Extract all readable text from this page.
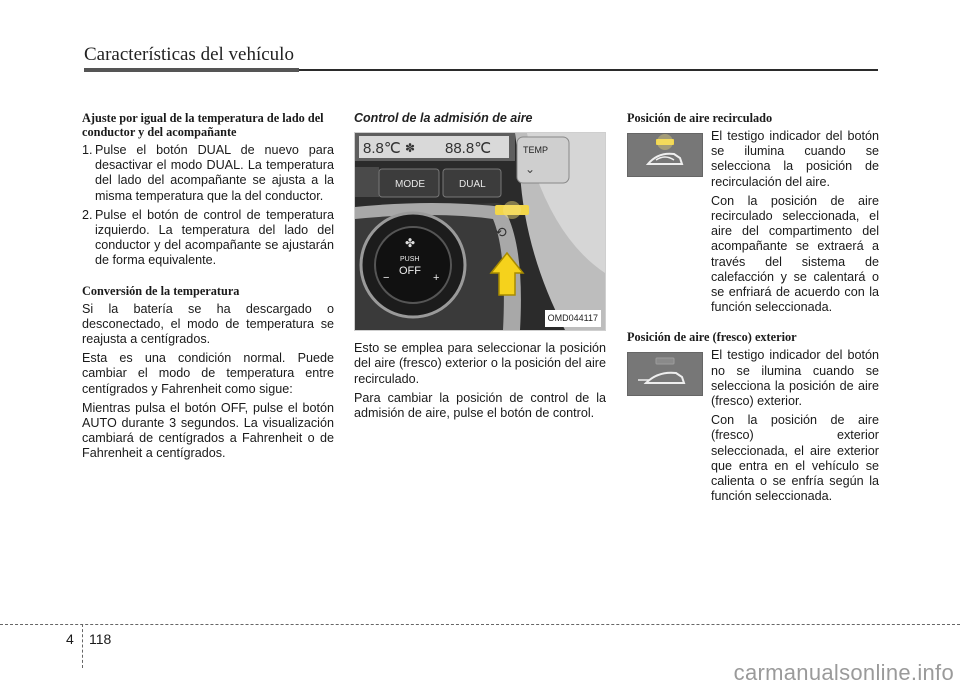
Características del vehículo
Ajuste por igual de la temperatura de lado del conductor y del acompañante
1. Pulse el botón DUAL de nuevo para desactivar el modo DUAL. La temperatura del lado del acompañante se ajusta a la misma temperatura que la del conductor.
2. Pulse el botón de control de temperatura izquierdo. La temperatura del lado del conductor y del acompañante se ajustarán de forma equivalente.
Conversión de la temperatura

Si la batería se ha descargado o desconectado, el modo de temperatura se reajusta a centígrados.

Esta es una condición normal. Puede cambiar el modo de temperatura entre centígrados y Fahrenheit como sigue:

Mientras pulsa el botón OFF, pulse el botón AUTO durante 3 segundos. La visualización cambiará de centígrados a Fahrenheit o de Fahrenheit a centígrados.

Control de la admisión de aire
8.8℃ ✽ 88.8℃	TEMP
⌄
MODE	DUAL
✤
PUSH
OFF
−	+
⟲
OMD044117

Esto se emplea para seleccionar la posición del aire (fresco) exterior o la posición del aire recirculado.

Para cambiar la posición de control de la admisión de aire, pulse el botón de control.

Posición de aire recirculado

El testigo indicador del botón se ilumina cuando se selecciona la posición de recirculación del aire.

Con la posición de aire recirculado seleccionada, el aire del compartimento del acompañante se extraerá a través del sistema de calefacción y se calentará o se enfriará de acuerdo con la función seleccionada.

Posición de aire (fresco) exterior

El testigo indicador del botón no se ilumina cuando se selecciona la posición de aire (fresco) exterior.

Con la posición de aire (fresco) exterior seleccionada, el aire exterior que entra en el vehículo se calienta o se enfría según la función seleccionada.

4 118
carmanualsonline.info
